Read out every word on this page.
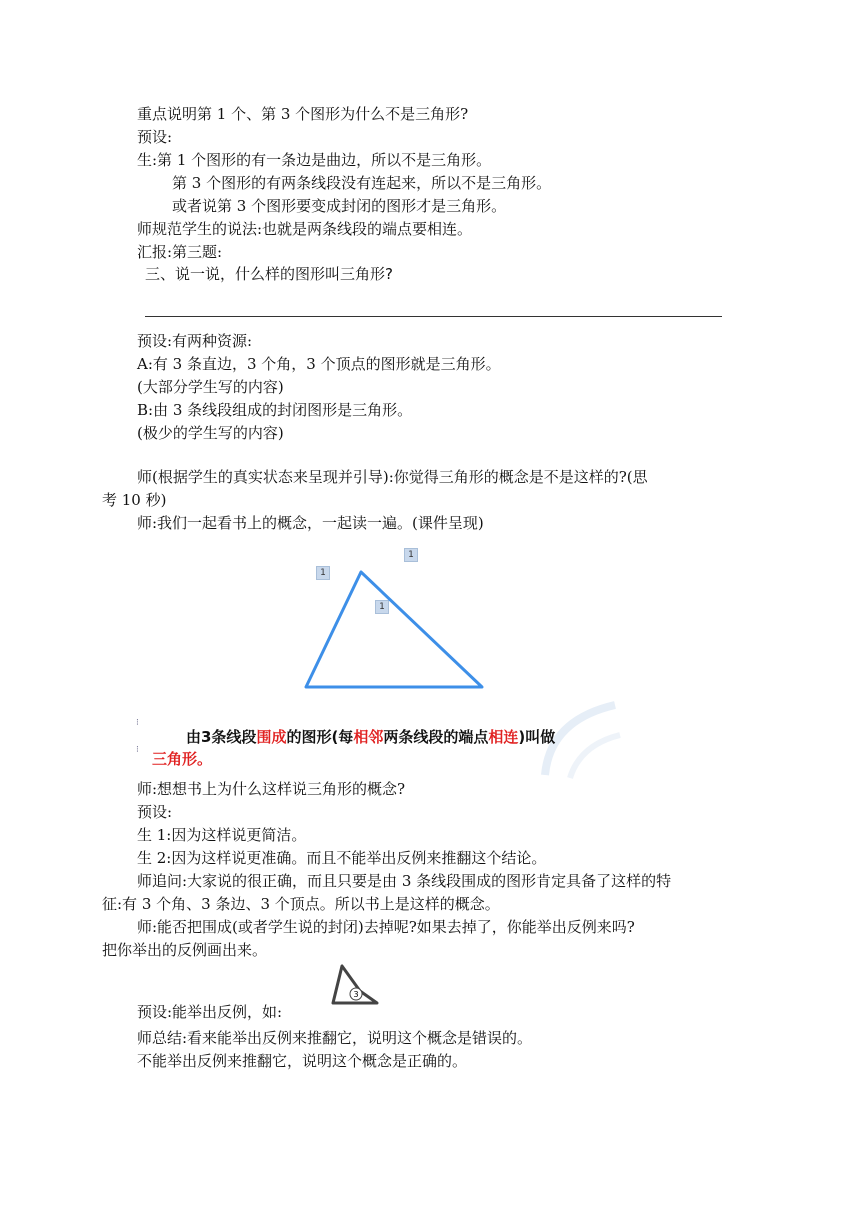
重点说明第 1 个、第 3 个图形为什么不是三角形?
预设:
生:第 1 个图形的有一条边是曲边，所以不是三角形。
第 3 个图形的有两条线段没有连起来，所以不是三角形。
或者说第 3 个图形要变成封闭的图形才是三角形。
师规范学生的说法:也就是两条线段的端点要相连。
汇报:第三题:
三、说一说，什么样的图形叫三角形?
预设:有两种资源:
A:有 3 条直边，3 个角，3 个顶点的图形就是三角形。
(大部分学生写的内容)
B:由 3 条线段组成的封闭图形是三角形。
(极少的学生写的内容)
师(根据学生的真实状态来呈现并引导):你觉得三角形的概念是不是这样的?(思
考 10 秒)
师:我们一起看书上的概念，一起读一遍。(课件呈现)
1
1
1
⁝
⁝
由3条线段围成的图形(每相邻两条线段的端点相连)叫做
三角形。
师:想想书上为什么这样说三角形的概念?
预设:
生 1:因为这样说更简洁。
生 2:因为这样说更准确。而且不能举出反例来推翻这个结论。
师追问:大家说的很正确，而且只要是由 3 条线段围成的图形肯定具备了这样的特
征:有 3 个角、3 条边、3 个顶点。所以书上是这样的概念。
师:能否把围成(或者学生说的封闭)去掉呢?如果去掉了，你能举出反例来吗?
把你举出的反例画出来。
3
预设:能举出反例，如:
师总结:看来能举出反例来推翻它，说明这个概念是错误的。
不能举出反例来推翻它，说明这个概念是正确的。
